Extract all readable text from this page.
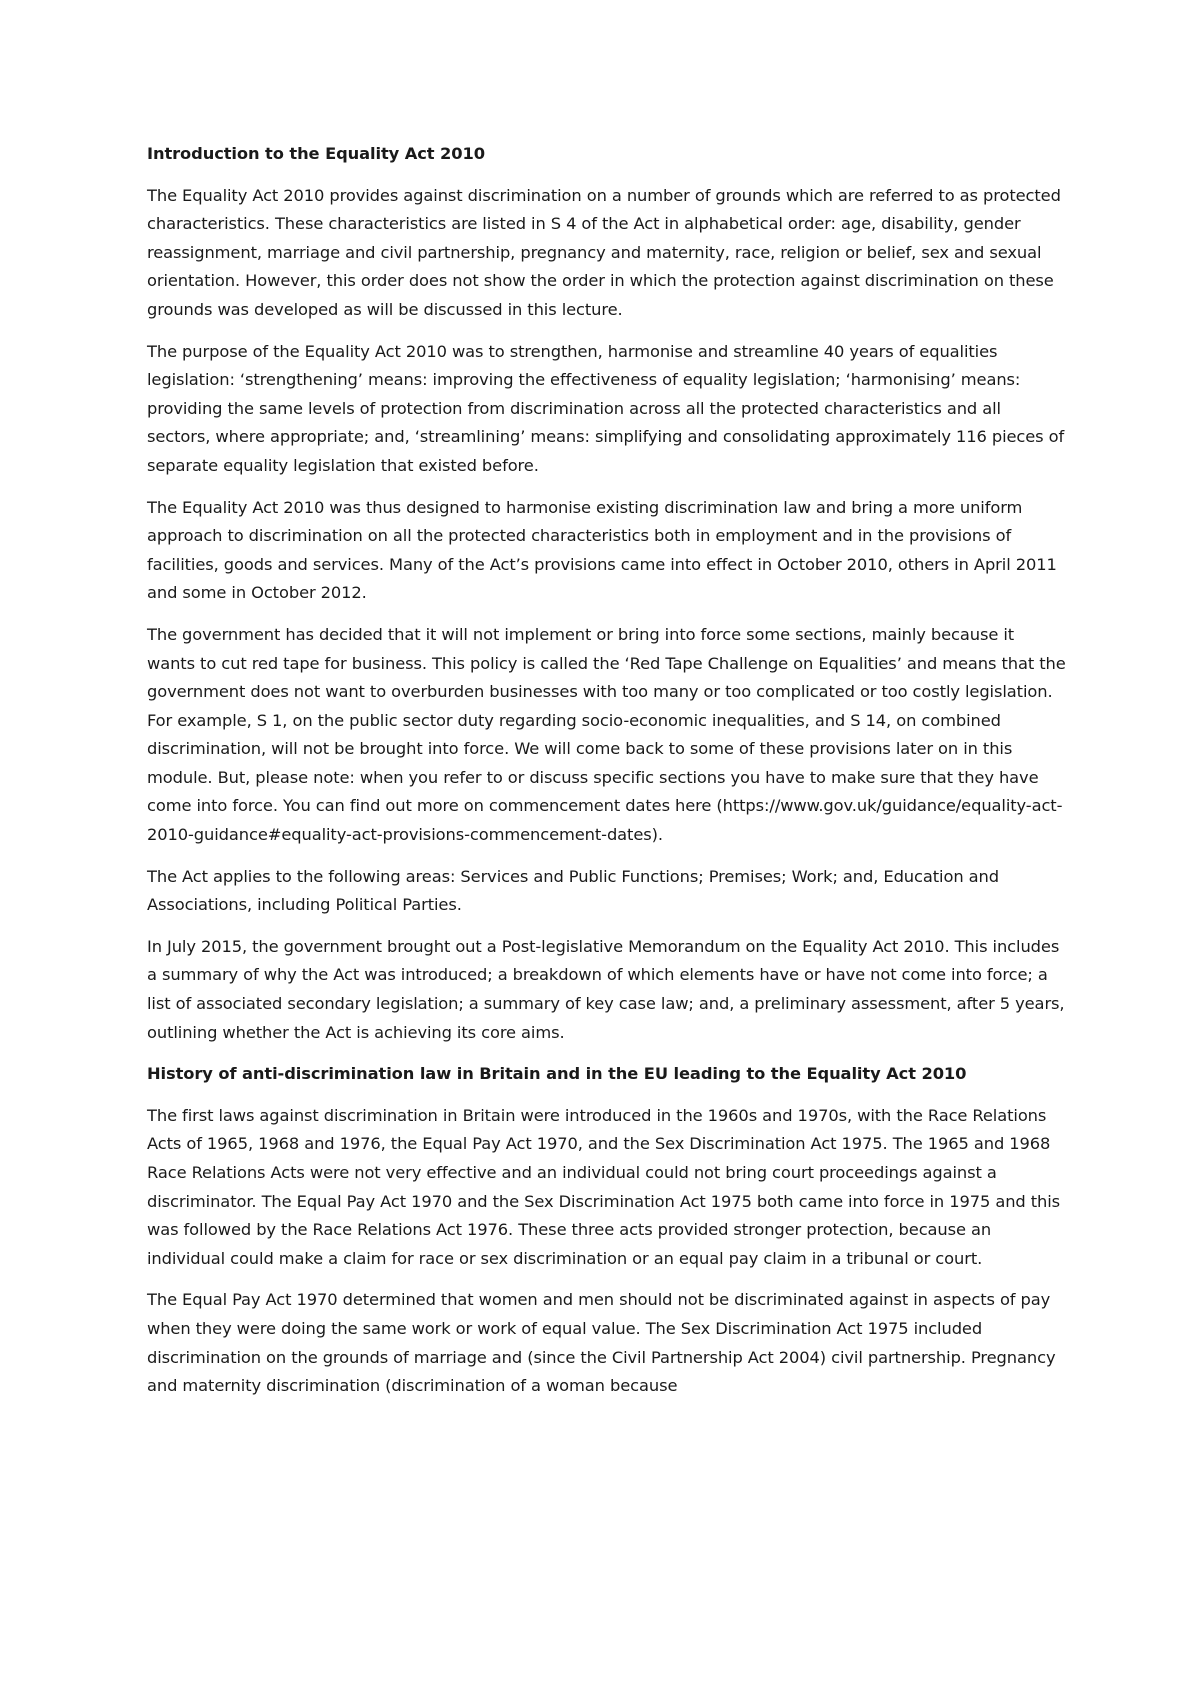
Introduction to the Equality Act 2010

The Equality Act 2010 provides against discrimination on a number of grounds which are referred to as protected characteristics. These characteristics are listed in S 4 of the Act in alphabetical order: age, disability, gender reassignment, marriage and civil partnership, pregnancy and maternity, race, religion or belief, sex and sexual orientation. However, this order does not show the order in which the protection against discrimination on these grounds was developed as will be discussed in this lecture.

The purpose of the Equality Act 2010 was to strengthen, harmonise and streamline 40 years of equalities legislation: ‘strengthening’ means: improving the effectiveness of equality legislation; ‘harmonising’ means: providing the same levels of protection from discrimination across all the protected characteristics and all sectors, where appropriate; and, ‘streamlining’ means: simplifying and consolidating approximately 116 pieces of separate equality legislation that existed before.

The Equality Act 2010 was thus designed to harmonise existing discrimination law and bring a more uniform approach to discrimination on all the protected characteristics both in employment and in the provisions of facilities, goods and services. Many of the Act’s provisions came into effect in October 2010, others in April 2011 and some in October 2012.

The government has decided that it will not implement or bring into force some sections, mainly because it wants to cut red tape for business. This policy is called the ‘Red Tape Challenge on Equalities’ and means that the government does not want to overburden businesses with too many or too complicated or too costly legislation. For example, S 1, on the public sector duty regarding socio-economic inequalities, and S 14, on combined discrimination, will not be brought into force. We will come back to some of these provisions later on in this module. But, please note: when you refer to or discuss specific sections you have to make sure that they have come into force. You can find out more on commencement dates here (https://www.gov.uk/guidance/equality-act-2010-guidance#equality-act-provisions-commencement-dates).

The Act applies to the following areas: Services and Public Functions; Premises; Work; and, Education and Associations, including Political Parties.

In July 2015, the government brought out a Post-legislative Memorandum on the Equality Act 2010. This includes a summary of why the Act was introduced; a breakdown of which elements have or have not come into force; a list of associated secondary legislation; a summary of key case law; and, a preliminary assessment, after 5 years, outlining whether the Act is achieving its core aims.

History of anti-discrimination law in Britain and in the EU leading to the Equality Act 2010

The first laws against discrimination in Britain were introduced in the 1960s and 1970s, with the Race Relations Acts of 1965, 1968 and 1976, the Equal Pay Act 1970, and the Sex Discrimination Act 1975. The 1965 and 1968 Race Relations Acts were not very effective and an individual could not bring court proceedings against a discriminator. The Equal Pay Act 1970 and the Sex Discrimination Act 1975 both came into force in 1975 and this was followed by the Race Relations Act 1976. These three acts provided stronger protection, because an individual could make a claim for race or sex discrimination or an equal pay claim in a tribunal or court.

The Equal Pay Act 1970 determined that women and men should not be discriminated against in aspects of pay when they were doing the same work or work of equal value. The Sex Discrimination Act 1975 included discrimination on the grounds of marriage and (since the Civil Partnership Act 2004) civil partnership. Pregnancy and maternity discrimination (discrimination of a woman because
